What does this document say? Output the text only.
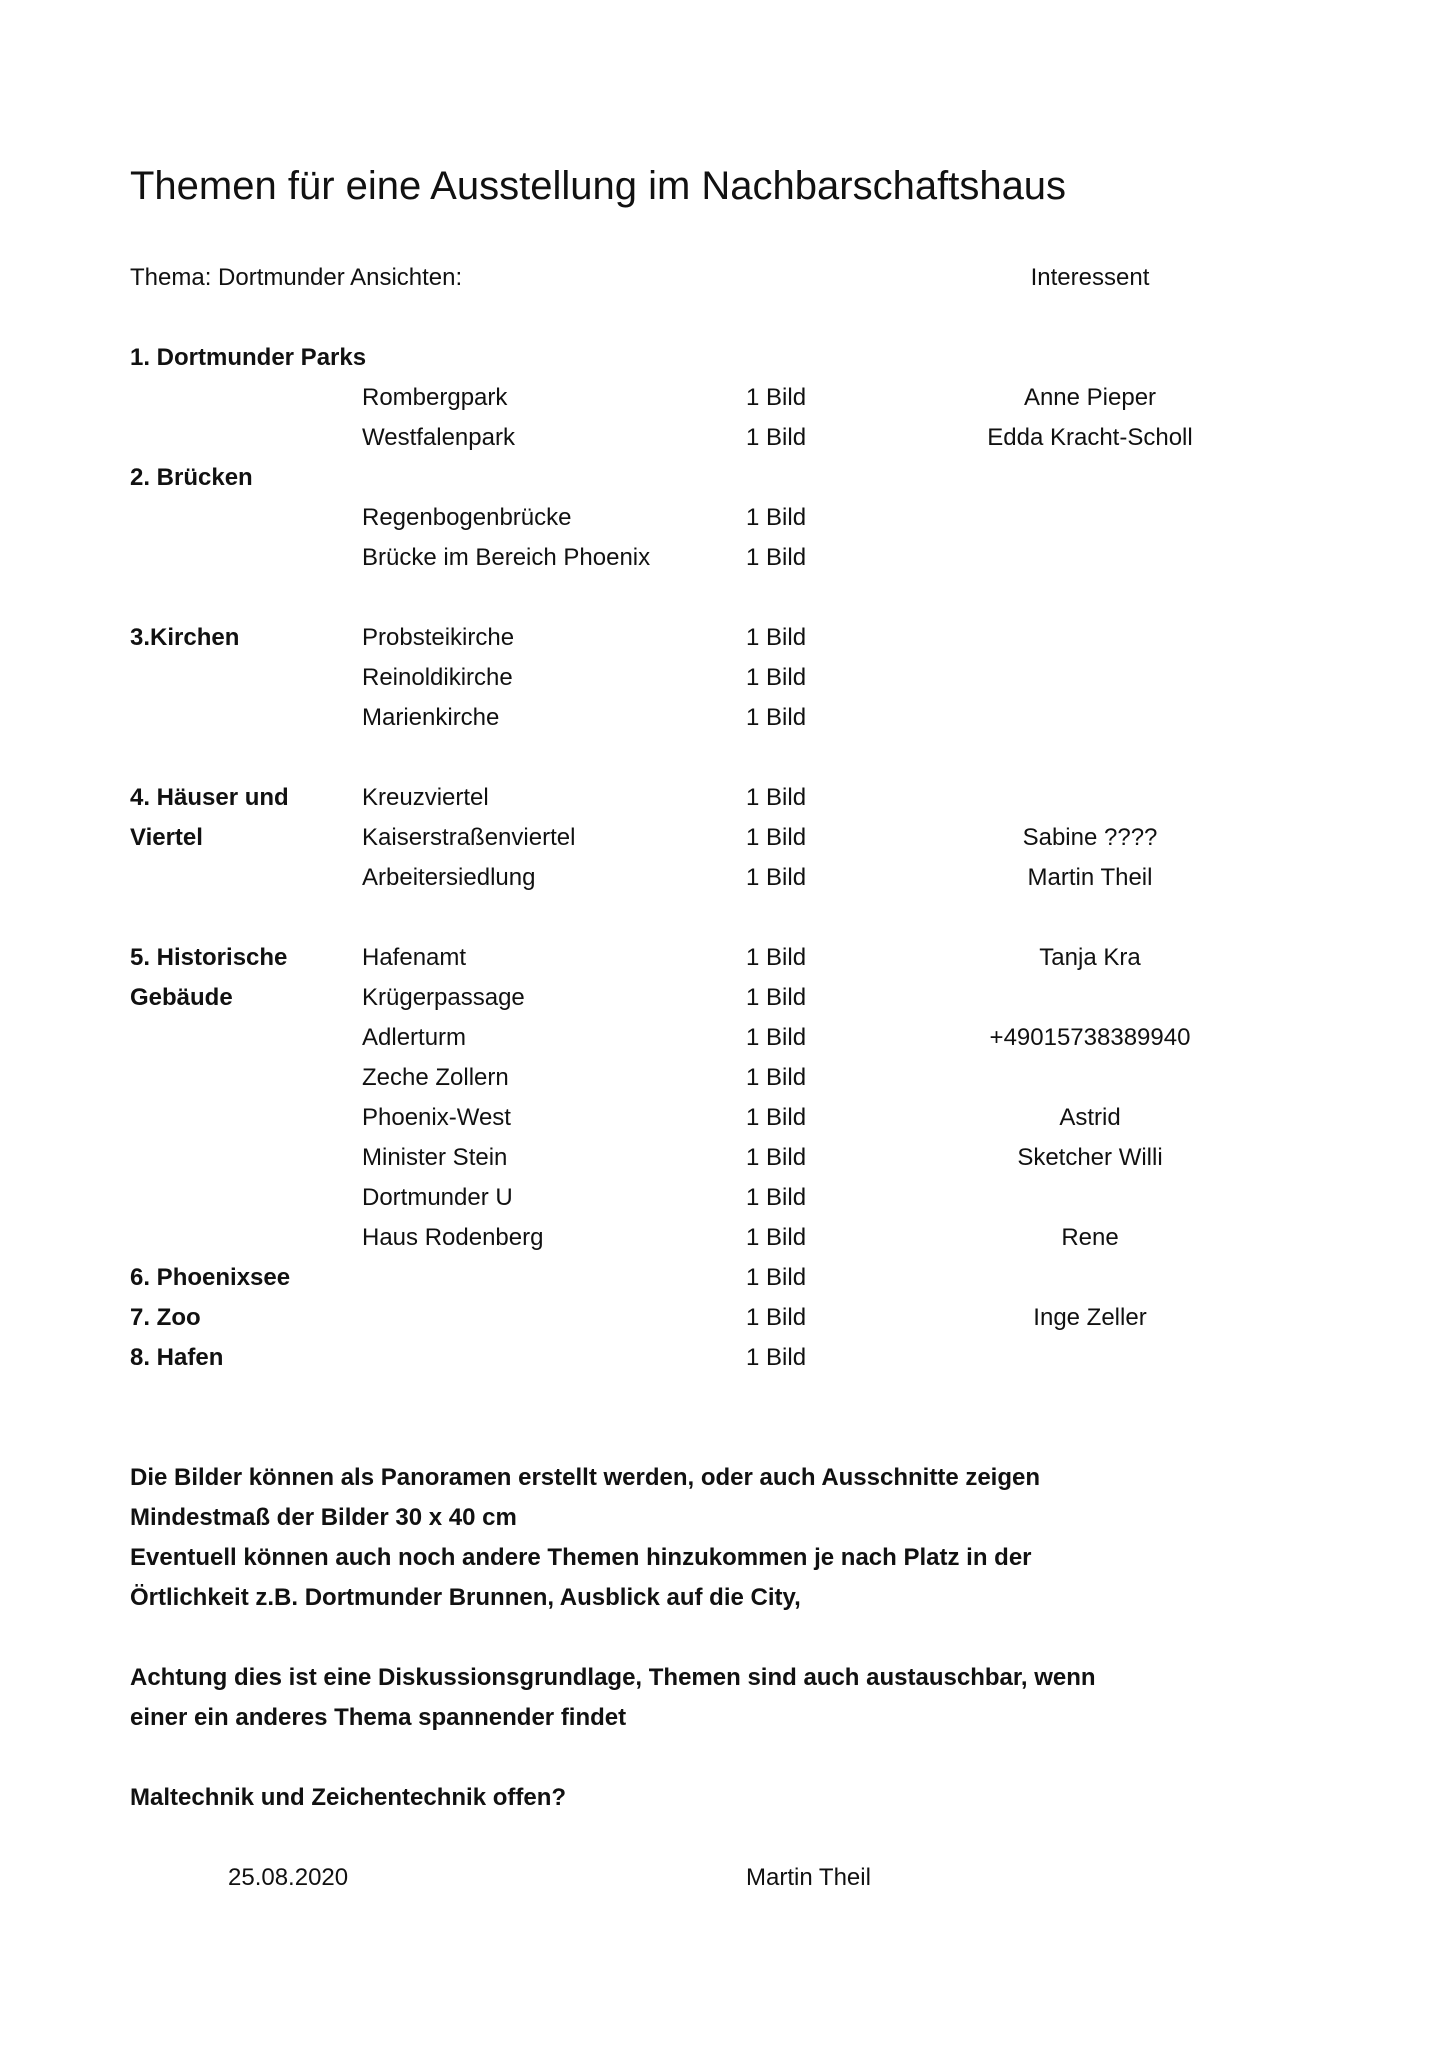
Themen für eine Ausstellung im Nachbarschaftshaus
Thema: Dortmunder Ansichten:	Interessent
1. Dortmunder Parks
Rombergpark	1 Bild	Anne Pieper
Westfalenpark	1 Bild	Edda Kracht-Scholl
2. Brücken
Regenbogenbrücke	1 Bild
Brücke im Bereich Phoenix	1 Bild
3.Kirchen	Probsteikirche	1 Bild
Reinoldikirche	1 Bild
Marienkirche	1 Bild
4. Häuser und	Kreuzviertel	1 Bild
Viertel	Kaiserstraßenviertel	1 Bild	Sabine ????
Arbeitersiedlung	1 Bild	Martin Theil
5. Historische	Hafenamt	1 Bild	Tanja Kra
Gebäude	Krügerpassage	1 Bild
Adlerturm	1 Bild	+49015738389940
Zeche Zollern	1 Bild
Phoenix-West	1 Bild	Astrid
Minister Stein	1 Bild	Sketcher Willi
Dortmunder U	1 Bild
Haus Rodenberg	1 Bild	Rene
6. Phoenixsee	1 Bild
7. Zoo	1 Bild	Inge Zeller
8. Hafen	1 Bild
Die Bilder können als Panoramen erstellt werden, oder auch Ausschnitte zeigen
Mindestmaß der Bilder 30 x 40 cm
Eventuell können auch noch andere Themen hinzukommen je nach Platz in der
Örtlichkeit z.B. Dortmunder Brunnen, Ausblick auf die City,
Achtung dies ist eine Diskussionsgrundlage, Themen sind auch austauschbar, wenn
einer ein anderes Thema spannender findet
Maltechnik und Zeichentechnik offen?
25.08.2020	Martin Theil
